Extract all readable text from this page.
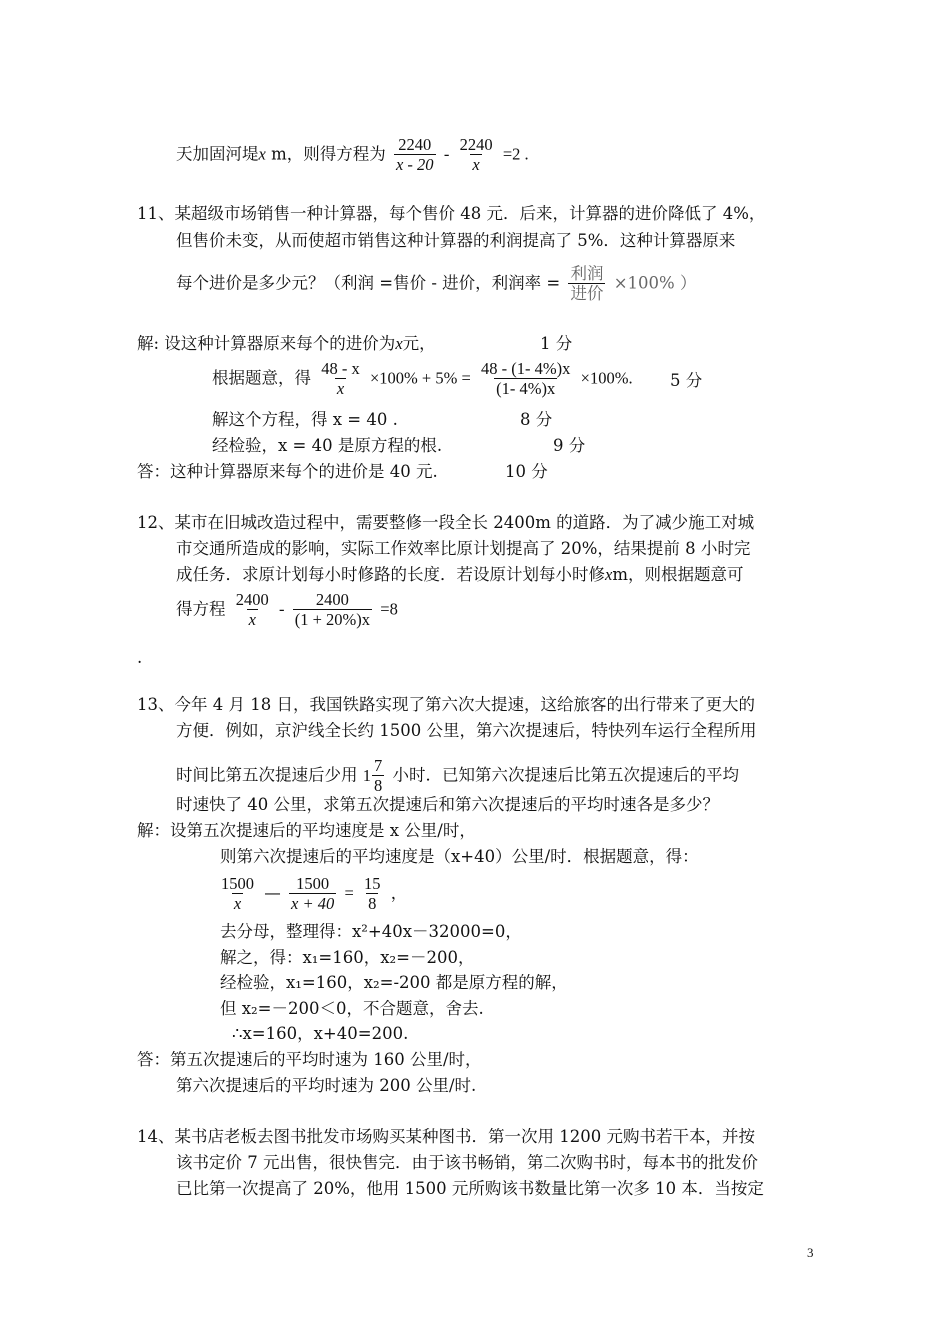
天加固河堤x m，则得方程为 $\frac{2240}{x - 20} - \frac{2240}{x} =2$ .
11、某超级市场销售一种计算器，每个售价 48 元．后来，计算器的进价降低了 4%，
但售价未变，从而使超市销售这种计算器的利润提高了 5%．这种计算器原来
每个进价是多少元？（利润 =售价 - 进价，利润率 = $\frac{\text{利润}}{\text{进价}} \times 100\%$ ）
解: 设这种计算器原来每个的进价为x元，	1 分
根据题意，得 $\frac{48 - x}{x} \times 100\% + 5\% = \frac{48 - (1- 4\%)x}{(1- 4\%)x} \times 100\%$. 5 分
解这个方程，得 x = 40 .	8 分
经检验，x = 40 是原方程的根.	9 分
答：这种计算器原来每个的进价是 40 元.	10 分
12、某市在旧城改造过程中，需要整修一段全长 2400m 的道路．为了减少施工对城
市交通所造成的影响，实际工作效率比原计划提高了 20%，结果提前 8 小时完
成任务．求原计划每小时修路的长度．若设原计划每小时修xm，则根据题意可
得方程 $\frac{2400}{x} - \frac{2400}{(1 + 20\%)x} =8$
.
13、今年 4 月 18 日，我国铁路实现了第六次大提速，这给旅客的出行带来了更大的
方便．例如，京沪线全长约 1500 公里，第六次提速后，特快列车运行全程所用
时间比第五次提速后少用 $1 \frac{7}{8}$ 小时．已知第六次提速后比第五次提速后的平均
时速快了 40 公里，求第五次提速后和第六次提速后的平均时速各是多少？
解：设第五次提速后的平均速度是 x 公里/时，
则第六次提速后的平均速度是（x+40）公里/时．根据题意，得：
$\frac{1500}{x}$ — $\frac{1500}{x + 40} = \frac{15}{8}$ ，
去分母，整理得：x²+40x－32000=0，
解之，得：x₁=160，x₂=－200，
经检验，x₁=160，x₂=-200 都是原方程的解，
但 x₂=－200＜0，不合题意，舍去.
∴x=160，x+40=200.
答：第五次提速后的平均时速为 160 公里/时，
第六次提速后的平均时速为 200 公里/时.
14、某书店老板去图书批发市场购买某种图书．第一次用 1200 元购书若干本，并按
该书定价 7 元出售，很快售完．由于该书畅销，第二次购书时，每本书的批发价
已比第一次提高了 20%，他用 1500 元所购该书数量比第一次多 10 本．当按定
3
